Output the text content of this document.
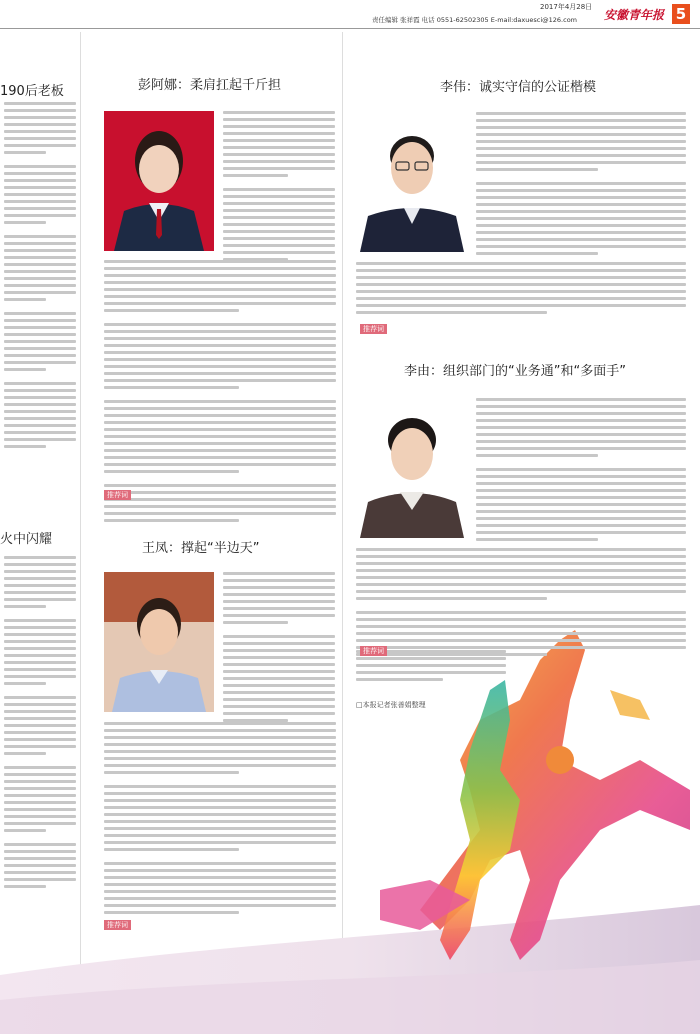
2017年4月28日
责任编辑 张祥霞 电话 0551-62502305 E-mail:daxuesci@126.com 安徽青年报 5
190后老板
火中闪耀
彭阿娜：柔肩扛起千斤担
推荐词
王凤：撑起“半边天”
推荐词
李伟：诚实守信的公证楷模
推荐词
李由：组织部门的“业务通”和“多面手”
推荐词
□本报记者张善娟整理
